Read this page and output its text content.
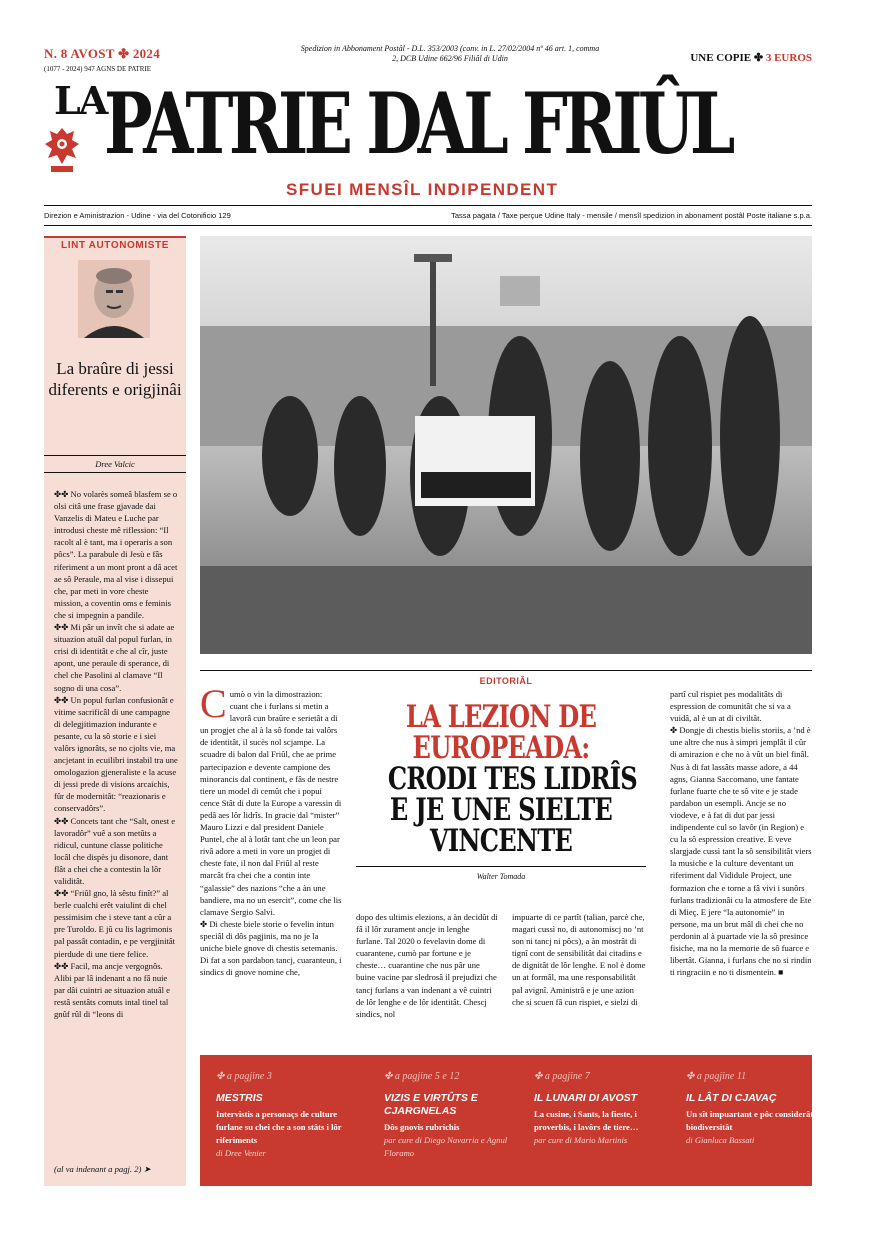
N. 8 AVOST ✤ 2024
(1077 - 2024) 947 AGNS DE PATRIE
Spedizion in Abbonament Postâl - D.L. 353/2003 (conv. in L. 27/02/2004 nº 46 art. 1, comma 2, DCB Udine 662/96 Filiâl di Udin	UNE COPIE ✤ 3 EUROS
LA
PATRIE DAL FRIÛL
SFUEI MENSÎL INDIPENDENT
Direzion e Aministrazion - Udine - via del Cotonificio 129	Tassa pagata / Taxe perçue Udine Italy - mensile / mensîl spedizion in abonament postâl Poste italiane s.p.a.
LINT AUTONOMISTE
La braûre di jessi diferents e origjinâi
Dree Valcic

✤✤ No volarès someâ blasfem se o olsi citâ une frase gjavade dai Vanzelis di Mateu e Luche par introdusi cheste mê riflession: “Il racolt al è tant, ma i operaris a son pôcs”. La parabule di Jesù e fâs riferiment a un mont pront a dâ acet ae sô Peraule, ma al vise i dissepui che, par meti in vore cheste mission, a coventin oms e feminis che si impegnin a pandile.

✤✤ Mi pâr un invît che si adate ae situazion atuâl dal popul furlan, in crisi di identitât e che al cîr, juste apont, une peraule di sperance, di chel che Pasolini al clamave “Il sogno di una cosa”.

✤✤ Un popul furlan confusionât e vitime sacrificâl di une campagne di delegjitimazion indurante e pesante, cu la sô storie e i siei valôrs ignorâts, se no cjolts vie, ma ancjetant in ecuilibri instabil tra une omologazion gjeneraliste e la acuse di jessi prede di visions arcaichis, fûr de modernitât: “reazionaris e conservadôrs”.

✤✤ Concets tant che “Salt, onest e lavoradôr” vuê a son metûts a ridicul, cuntune classe politiche locâl che dispès ju disonore, dant flât a chei che a contestin la lôr validitât.

✤✤ “Friûl gno, là sêstu finît?” al berle cualchi erêt vaiulint di chel pessimisim che i steve tant a cûr a pre Turoldo. E jû cu lis lagrimonis pal passât contadin, e pe vergjinitât pierdude di une tiere felice.

✤✤ Facil, ma ancje vergognôs. Alibi par lâ indenant a no fâ nuie par dâi cuintri ae situazion atuâl e restâ sentâts comuts intal tinel tal gnûf rûl di “leons di

(al va indenant a pagj. 2) ➤
EDITORIÂL
Cumò o vin la dimostrazion: cuant che i furlans si metin a lavorâ cun braûre e serietât a di un progjet che al à la sô fonde tai valôrs de identitât, il sucès nol scjampe. La scuadre di balon dal Friûl, che ae prime partecipazion e devente campione des minorancis dal continent, e fâs de nestre tiere un model di cemût che i popui cence Stât di dute la Europe a varessin di pedâ aes lôr lidrîs. In gracie dal “mister” Mauro Lizzi e dal president Daniele Puntel, che al à lotât tant che un leon par rivâ adore a meti in vore un progjet di cheste fate, il non dal Friûl al reste marcât fra chei che a contin inte “galassie” des nazions “che a àn une bandiere, ma no un esercit”, come che lis clamave Sergio Salvi.
✤ Di cheste biele storie o fevelin intun speciâl di dôs pagjinis, ma no je la uniche biele gnove di chestis setemanis. Di fat a son pardabon tancj, cuaranteun, i sindics di gnove nomine che,
LA LEZION DE
EUROPEADA:
CRODI TES LIDRÎS
E JE UNE SIELTE
VINCENTE
Walter Tomada
dopo des ultimis elezions, a àn decidût di fâ il lôr zurament ancje in lenghe furlane. Tal 2020 o fevelavin dome di cuarantene, cumò par fortune e je cheste… cuarantine che nus pâr une buine vacine par sledrosâ il prejudizi che tancj furlans a van indenant a vê cuintri de lôr lenghe e de lôr identitât. Chescj sindics, nol
impuarte di ce partît (talian, parcè che, magari cussì no, di autonomiscj no ’nt son ni tancj ni pôcs), a àn mostrât di tignî cont de sensibilitât dai citadins e de dignitât de lôr lenghe. E nol è dome un at formâl, ma une responsabilitât pal avignî. Aministrâ e je une azion che si scuen fâ cun rispiet, e sielzi di
partî cul rispiet pes modalitâts di espression de comunitât che si va a vuidâ, al è un at di civiltât.
✤ Dongje di chestis bielis storiis, a ’nd è une altre che nus à simpri jemplât il cûr di amirazion e che no à vût un biel finâl. Nus à di fat lassâts masse adore, a 44 agns, Gianna Saccomano, une fantate furlane fuarte che te sô vite e je stade pardabon un esempli. Ancje se no viodeve, e à fat di dut par jessi indipendente cul so lavôr (in Region) e cu la sô espression creative. E veve slargjade cussì tant la sô sensibilitât viers la musiche e la culture deventant un riferiment dal Vididule Project, une formazion che e torne a fâ vivi i sunôrs furlans tradizionâi cu la atmosfere de Ete di Mieç. E jere “la autonomie” in persone, ma un brut mâl di chei che no perdonin al à puartade vie la sô presince fisiche, ma no la memorie de sô fuarce e libertât. Gianna, i furlans che no si rindin ti ringraciin e no ti dismentein. ■
✤ a pagjine 3
MESTRIS
Intervistis a personaçs de culture furlane su chei che a son stâts i lôr riferiments
di Dree Venier
✤ a pagjine 5 e 12
VIZIS E VIRTÛTS E CJARGNELAS
Dôs gnovis rubrichis
par cure di Diego Navarria e Agnul Floramo
✤ a pagjine 7
IL LUNARI DI AVOST
La cusine, i Sants, la fieste, i proverbis, i lavôrs de tiere…
par cure di Mario Martinis
✤ a pagjine 11
IL LÂT DI CJAVAÇ
Un sît impuartant e pôc considerât pe biodiversitât
di Gianluca Bassati
